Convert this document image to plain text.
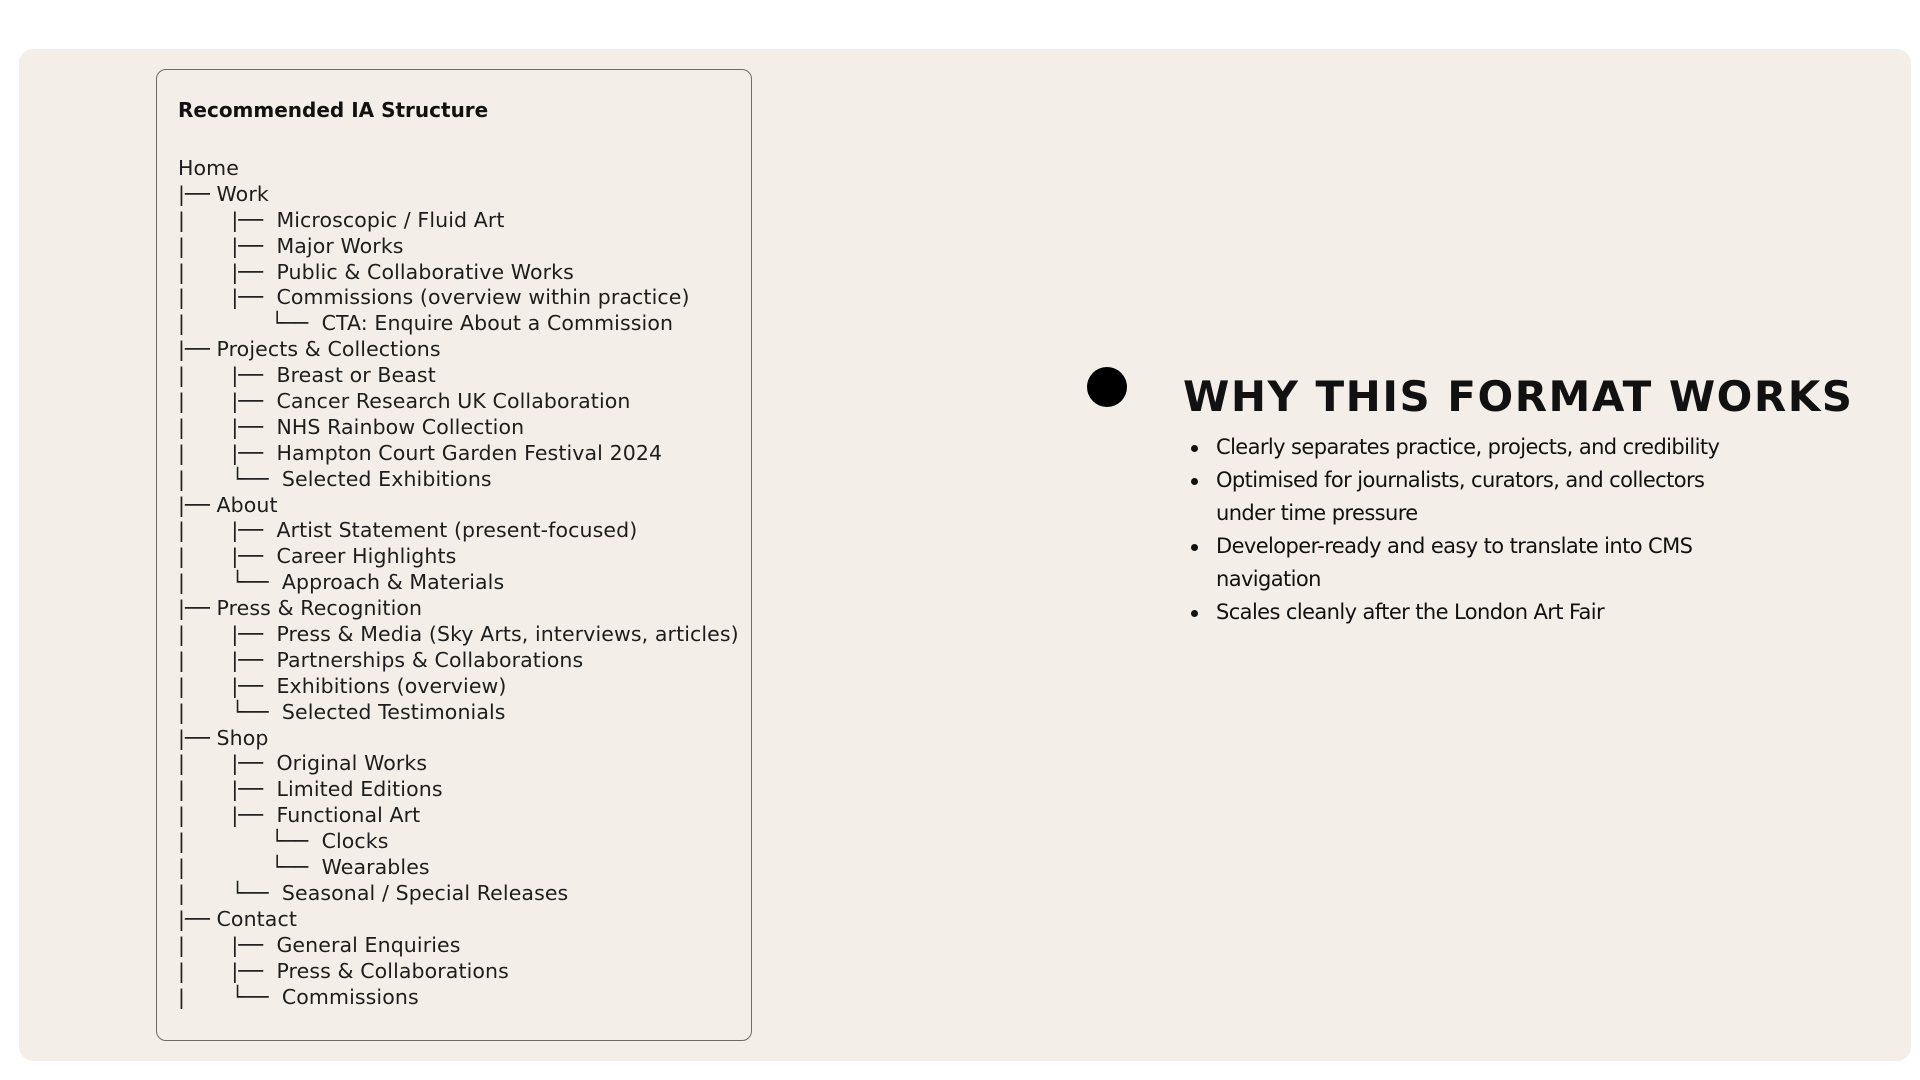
Recommended IA Structure
Home
|── Work
|       |──  Microscopic / Fluid Art
|       |──  Major Works
|       |──  Public & Collaborative Works
|       |──  Commissions (overview within practice)
|             └──  CTA: Enquire About a Commission
|── Projects & Collections
|       |──  Breast or Beast
|       |──  Cancer Research UK Collaboration
|       |──  NHS Rainbow Collection
|       |──  Hampton Court Garden Festival 2024
|       └──  Selected Exhibitions
|── About
|       |──  Artist Statement (present-focused)
|       |──  Career Highlights
|       └──  Approach & Materials
|── Press & Recognition
|       |──  Press & Media (Sky Arts, interviews, articles)
|       |──  Partnerships & Collaborations
|       |──  Exhibitions (overview)
|       └──  Selected Testimonials
|── Shop
|       |──  Original Works
|       |──  Limited Editions
|       |──  Functional Art
|             └──  Clocks
|             └──  Wearables
|       └──  Seasonal / Special Releases
|── Contact
|       |──  General Enquiries
|       |──  Press & Collaborations
|       └──  Commissions
WHY THIS FORMAT WORKS
Clearly separates practice, projects, and credibility
Optimised for journalists, curators, and collectors under time pressure
Developer-ready and easy to translate into CMS navigation
Scales cleanly after the London Art Fair
